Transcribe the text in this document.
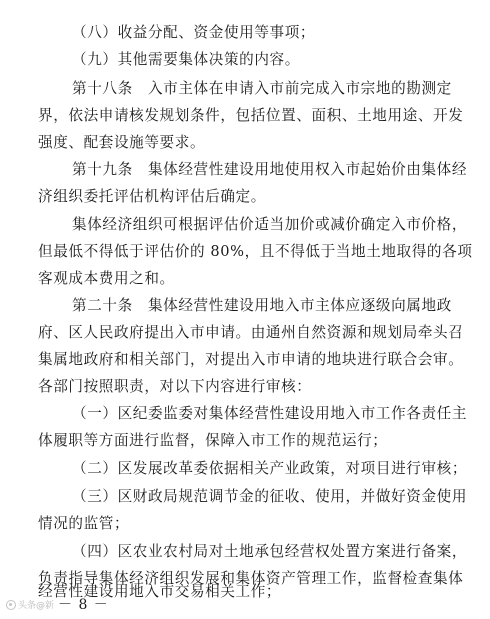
（八）收益分配、资金使用等事项；
（九）其他需要集体决策的内容。
第十八条　入市主体在申请入市前完成入市宗地的勘测定
界，依法申请核发规划条件，包括位置、面积、土地用途、开发
强度、配套设施等要求。
第十九条　集体经营性建设用地使用权入市起始价由集体经
济组织委托评估机构评估后确定。
集体经济组织可根据评估价适当加价或减价确定入市价格，
但最低不得低于评估价的 80%，且不得低于当地土地取得的各项
客观成本费用之和。
第二十条　集体经营性建设用地入市主体应逐级向属地政
府、区人民政府提出入市申请。由通州自然资源和规划局牵头召
集属地政府和相关部门，对提出入市申请的地块进行联合会审。
各部门按照职责，对以下内容进行审核：
（一）区纪委监委对集体经营性建设用地入市工作各责任主
体履职等方面进行监督，保障入市工作的规范运行；
（二）区发展改革委依据相关产业政策，对项目进行审核；
（三）区财政局规范调节金的征收、使用，并做好资金使用
情况的监管；
（四）区农业农村局对土地承包经营权处置方案进行备案，
负责指导集体经济组织发展和集体资产管理工作，监督检查集体
经营性建设用地入市交易相关工作；
头条@新 － 8 －
